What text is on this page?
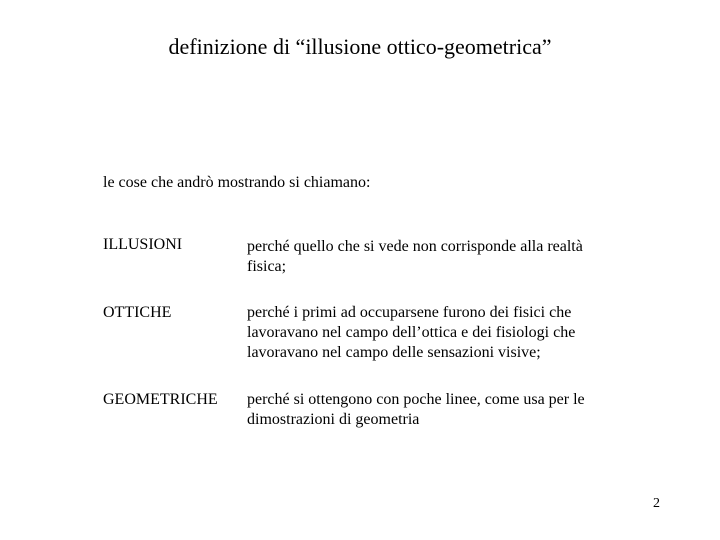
definizione di “illusione ottico-geometrica”
le cose che andrò mostrando si chiamano:
ILLUSIONI	perché quello che si vede non corrisponde alla realtà
fisica;
OTTICHE	perché i primi ad occuparsene furono dei fisici che
lavoravano nel campo dell’ottica e dei fisiologi che
lavoravano nel campo delle sensazioni visive;
GEOMETRICHE perché si ottengono con poche linee, come usa per le
dimostrazioni di geometria
2
